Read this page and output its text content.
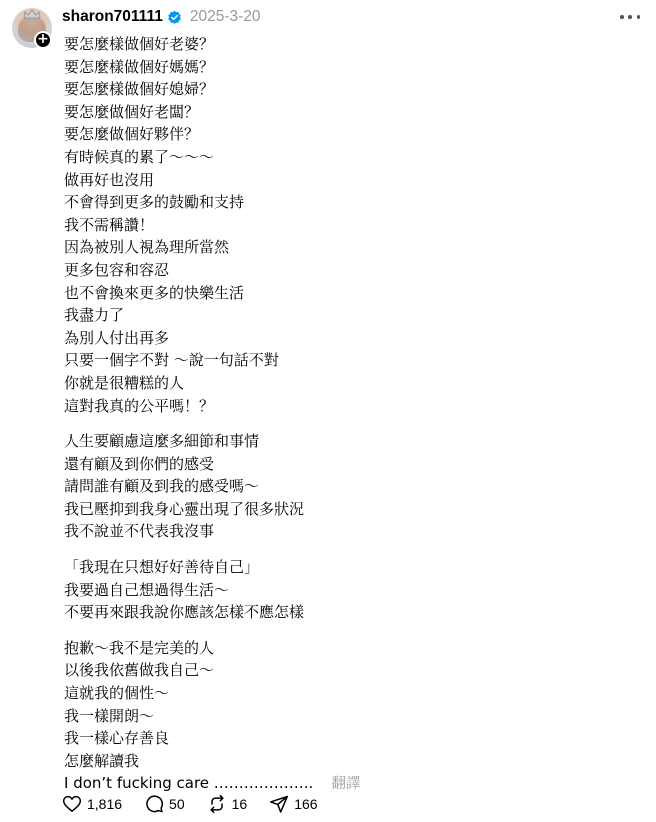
+
sharon701111 2025-3-20
要怎麼樣做個好老婆？
要怎麼樣做個好媽媽？
要怎麼樣做個好媳婦？
要怎麼做個好老闆？
要怎麼做個好夥伴？
有時候真的累了～～～
做再好也沒用
不會得到更多的鼓勵和支持
我不需稱讚！
因為被別人視為理所當然
更多包容和容忍
也不會換來更多的快樂生活
我盡力了
為別人付出再多
只要一個字不對 ～說一句話不對
你就是很糟糕的人
這對我真的公平嗎！？
人生要顧慮這麼多細節和事情
還有顧及到你們的感受
請問誰有顧及到我的感受嗎～
我已壓抑到我身心靈出現了很多狀況
我不說並不代表我沒事
「我現在只想好好善待自己」
我要過自己想過得生活～
不要再來跟我說你應該怎樣不應怎樣
抱歉～我不是完美的人
以後我依舊做我自己～
這就我的個性～
我一樣開朗～
我一樣心存善良
怎麼解讀我
I don’t fucking care ……………….. 翻譯
1,816	50	16	166
